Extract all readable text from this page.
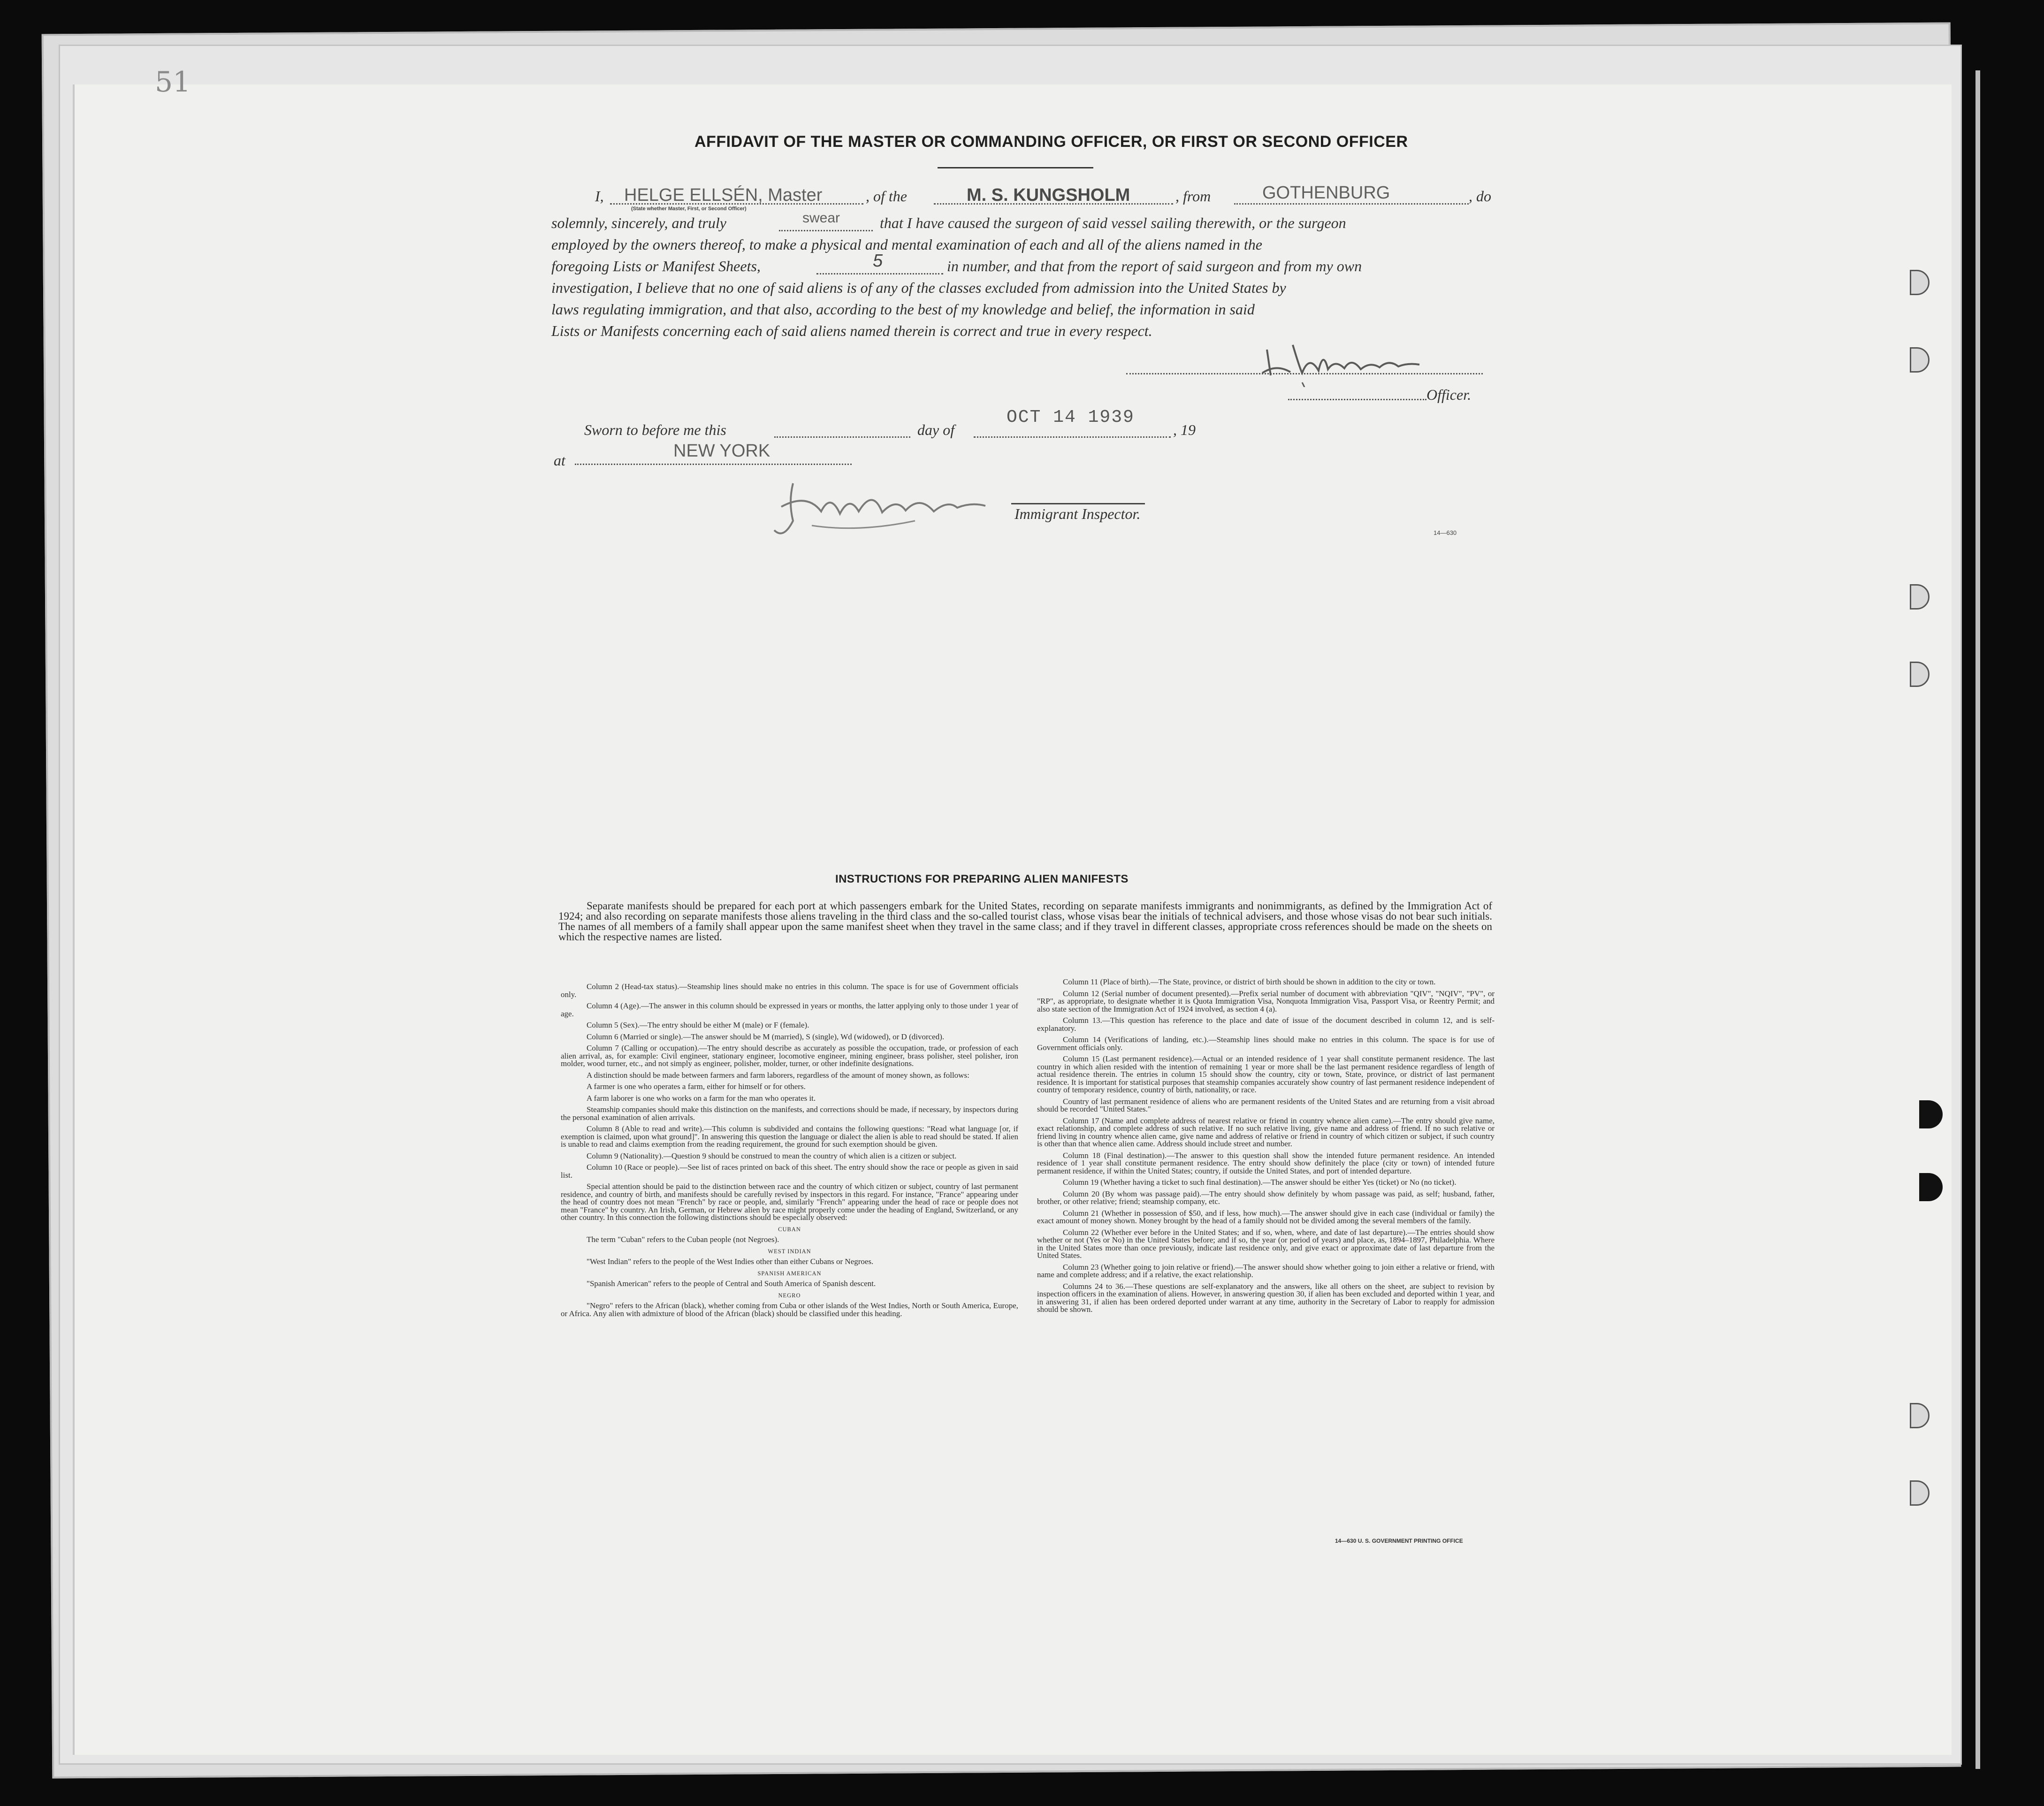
51
AFFIDAVIT OF THE MASTER OR COMMANDING OFFICER, OR FIRST OR SECOND OFFICER
I, HELGE ELLSÉN, Master
(State whether Master, First, or Second Officer)
, of the	M. S. KUNGSHOLM	, from	GOTHENBURG	, do
solemnly, sincerely, and truly	swear	that I have caused the surgeon of said vessel sailing therewith, or the surgeon
employed by the owners thereof, to make a physical and mental examination of each and all of the aliens named in the
foregoing Lists or Manifest Sheets,	5	in number, and that from the report of said surgeon and from my own
investigation, I believe that no one of said aliens is of any of the classes excluded from admission into the United States by
laws regulating immigration, and that also, according to the best of my knowledge and belief, the information in said
Lists or Manifests concerning each of said aliens named therein is correct and true in every respect.
Officer.
Sworn to before me this	day of
OCT 14 1939
, 19
at	NEW YORK
Immigrant Inspector.
14—630
INSTRUCTIONS FOR PREPARING ALIEN MANIFESTS
Separate manifests should be prepared for each port at which passengers embark for the United States, recording on separate manifests immigrants and nonimmigrants, as defined by the Immigration Act of 1924; and also recording on separate manifests those aliens traveling in the third class and the so-called tourist class, whose visas bear the initials of technical advisers, and those whose visas do not bear such initials. The names of all members of a family shall appear upon the same manifest sheet when they travel in the same class; and if they travel in different classes, appropriate cross references should be made on the sheets on which the respective names are listed.

Column 2 (Head-tax status).—Steamship lines should make no entries in this column. The space is for use of Government officials only.

Column 4 (Age).—The answer in this column should be expressed in years or months, the latter applying only to those under 1 year of age.

Column 5 (Sex).—The entry should be either M (male) or F (female).

Column 6 (Married or single).—The answer should be M (married), S (single), Wd (widowed), or D (divorced).

Column 7 (Calling or occupation).—The entry should describe as accurately as possible the occupation, trade, or profession of each alien arrival, as, for example: Civil engineer, stationary engineer, locomotive engineer, mining engineer, brass polisher, steel polisher, iron molder, wood turner, etc., and not simply as engineer, polisher, molder, turner, or other indefinite designations.

A distinction should be made between farmers and farm laborers, regardless of the amount of money shown, as follows:

A farmer is one who operates a farm, either for himself or for others.

A farm laborer is one who works on a farm for the man who operates it.

Steamship companies should make this distinction on the manifests, and corrections should be made, if necessary, by inspectors during the personal examination of alien arrivals.

Column 8 (Able to read and write).—This column is subdivided and contains the following questions: "Read what language [or, if exemption is claimed, upon what ground]". In answering this question the language or dialect the alien is able to read should be stated. If alien is unable to read and claims exemption from the reading requirement, the ground for such exemption should be given.

Column 9 (Nationality).—Question 9 should be construed to mean the country of which alien is a citizen or subject.

Column 10 (Race or people).—See list of races printed on back of this sheet. The entry should show the race or people as given in said list.

Special attention should be paid to the distinction between race and the country of which citizen or subject, country of last permanent residence, and country of birth, and manifests should be carefully revised by inspectors in this regard. For instance, "France" appearing under the head of country does not mean "French" by race or people, and, similarly "French" appearing under the head of race or people does not mean "France" by country. An Irish, German, or Hebrew alien by race might properly come under the heading of England, Switzerland, or any other country. In this connection the following distinctions should be especially observed:

CUBAN

The term "Cuban" refers to the Cuban people (not Negroes).

WEST INDIAN

"West Indian" refers to the people of the West Indies other than either Cubans or Negroes.

SPANISH AMERICAN

"Spanish American" refers to the people of Central and South America of Spanish descent.

NEGRO

"Negro" refers to the African (black), whether coming from Cuba or other islands of the West Indies, North or South America, Europe, or Africa. Any alien with admixture of blood of the African (black) should be classified under this heading.

Column 11 (Place of birth).—The State, province, or district of birth should be shown in addition to the city or town.

Column 12 (Serial number of document presented).—Prefix serial number of document with abbreviation "QIV", "NQIV", "PV", or "RP", as appropriate, to designate whether it is Quota Immigration Visa, Nonquota Immigration Visa, Passport Visa, or Reentry Permit; and also state section of the Immigration Act of 1924 involved, as section 4 (a).

Column 13.—This question has reference to the place and date of issue of the document described in column 12, and is self-explanatory.

Column 14 (Verifications of landing, etc.).—Steamship lines should make no entries in this column. The space is for use of Government officials only.

Column 15 (Last permanent residence).—Actual or an intended residence of 1 year shall constitute permanent residence. The last country in which alien resided with the intention of remaining 1 year or more shall be the last permanent residence regardless of length of actual residence therein. The entries in column 15 should show the country, city or town, State, province, or district of last permanent residence. It is important for statistical purposes that steamship companies accurately show country of last permanent residence independent of country of temporary residence, country of birth, nationality, or race.

Country of last permanent residence of aliens who are permanent residents of the United States and are returning from a visit abroad should be recorded "United States."

Column 17 (Name and complete address of nearest relative or friend in country whence alien came).—The entry should give name, exact relationship, and complete address of such relative. If no such relative living, give name and address of friend. If no such relative or friend living in country whence alien came, give name and address of relative or friend in country of which citizen or subject, if such country is other than that whence alien came. Address should include street and number.

Column 18 (Final destination).—The answer to this question shall show the intended future permanent residence. An intended residence of 1 year shall constitute permanent residence. The entry should show definitely the place (city or town) of intended future permanent residence, if within the United States; country, if outside the United States, and port of intended departure.

Column 19 (Whether having a ticket to such final destination).—The answer should be either Yes (ticket) or No (no ticket).

Column 20 (By whom was passage paid).—The entry should show definitely by whom passage was paid, as self; husband, father, brother, or other relative; friend; steamship company, etc.

Column 21 (Whether in possession of $50, and if less, how much).—The answer should give in each case (individual or family) the exact amount of money shown. Money brought by the head of a family should not be divided among the several members of the family.

Column 22 (Whether ever before in the United States; and if so, when, where, and date of last departure).—The entries should show whether or not (Yes or No) in the United States before; and if so, the year (or period of years) and place, as, 1894–1897, Philadelphia. Where in the United States more than once previously, indicate last residence only, and give exact or approximate date of last departure from the United States.

Column 23 (Whether going to join relative or friend).—The answer should show whether going to join either a relative or friend, with name and complete address; and if a relative, the exact relationship.

Columns 24 to 36.—These questions are self-explanatory and the answers, like all others on the sheet, are subject to revision by inspection officers in the examination of aliens. However, in answering question 30, if alien has been excluded and deported within 1 year, and in answering 31, if alien has been ordered deported under warrant at any time, authority in the Secretary of Labor to reapply for admission should be shown.

14—630 U. S. GOVERNMENT PRINTING OFFICE
